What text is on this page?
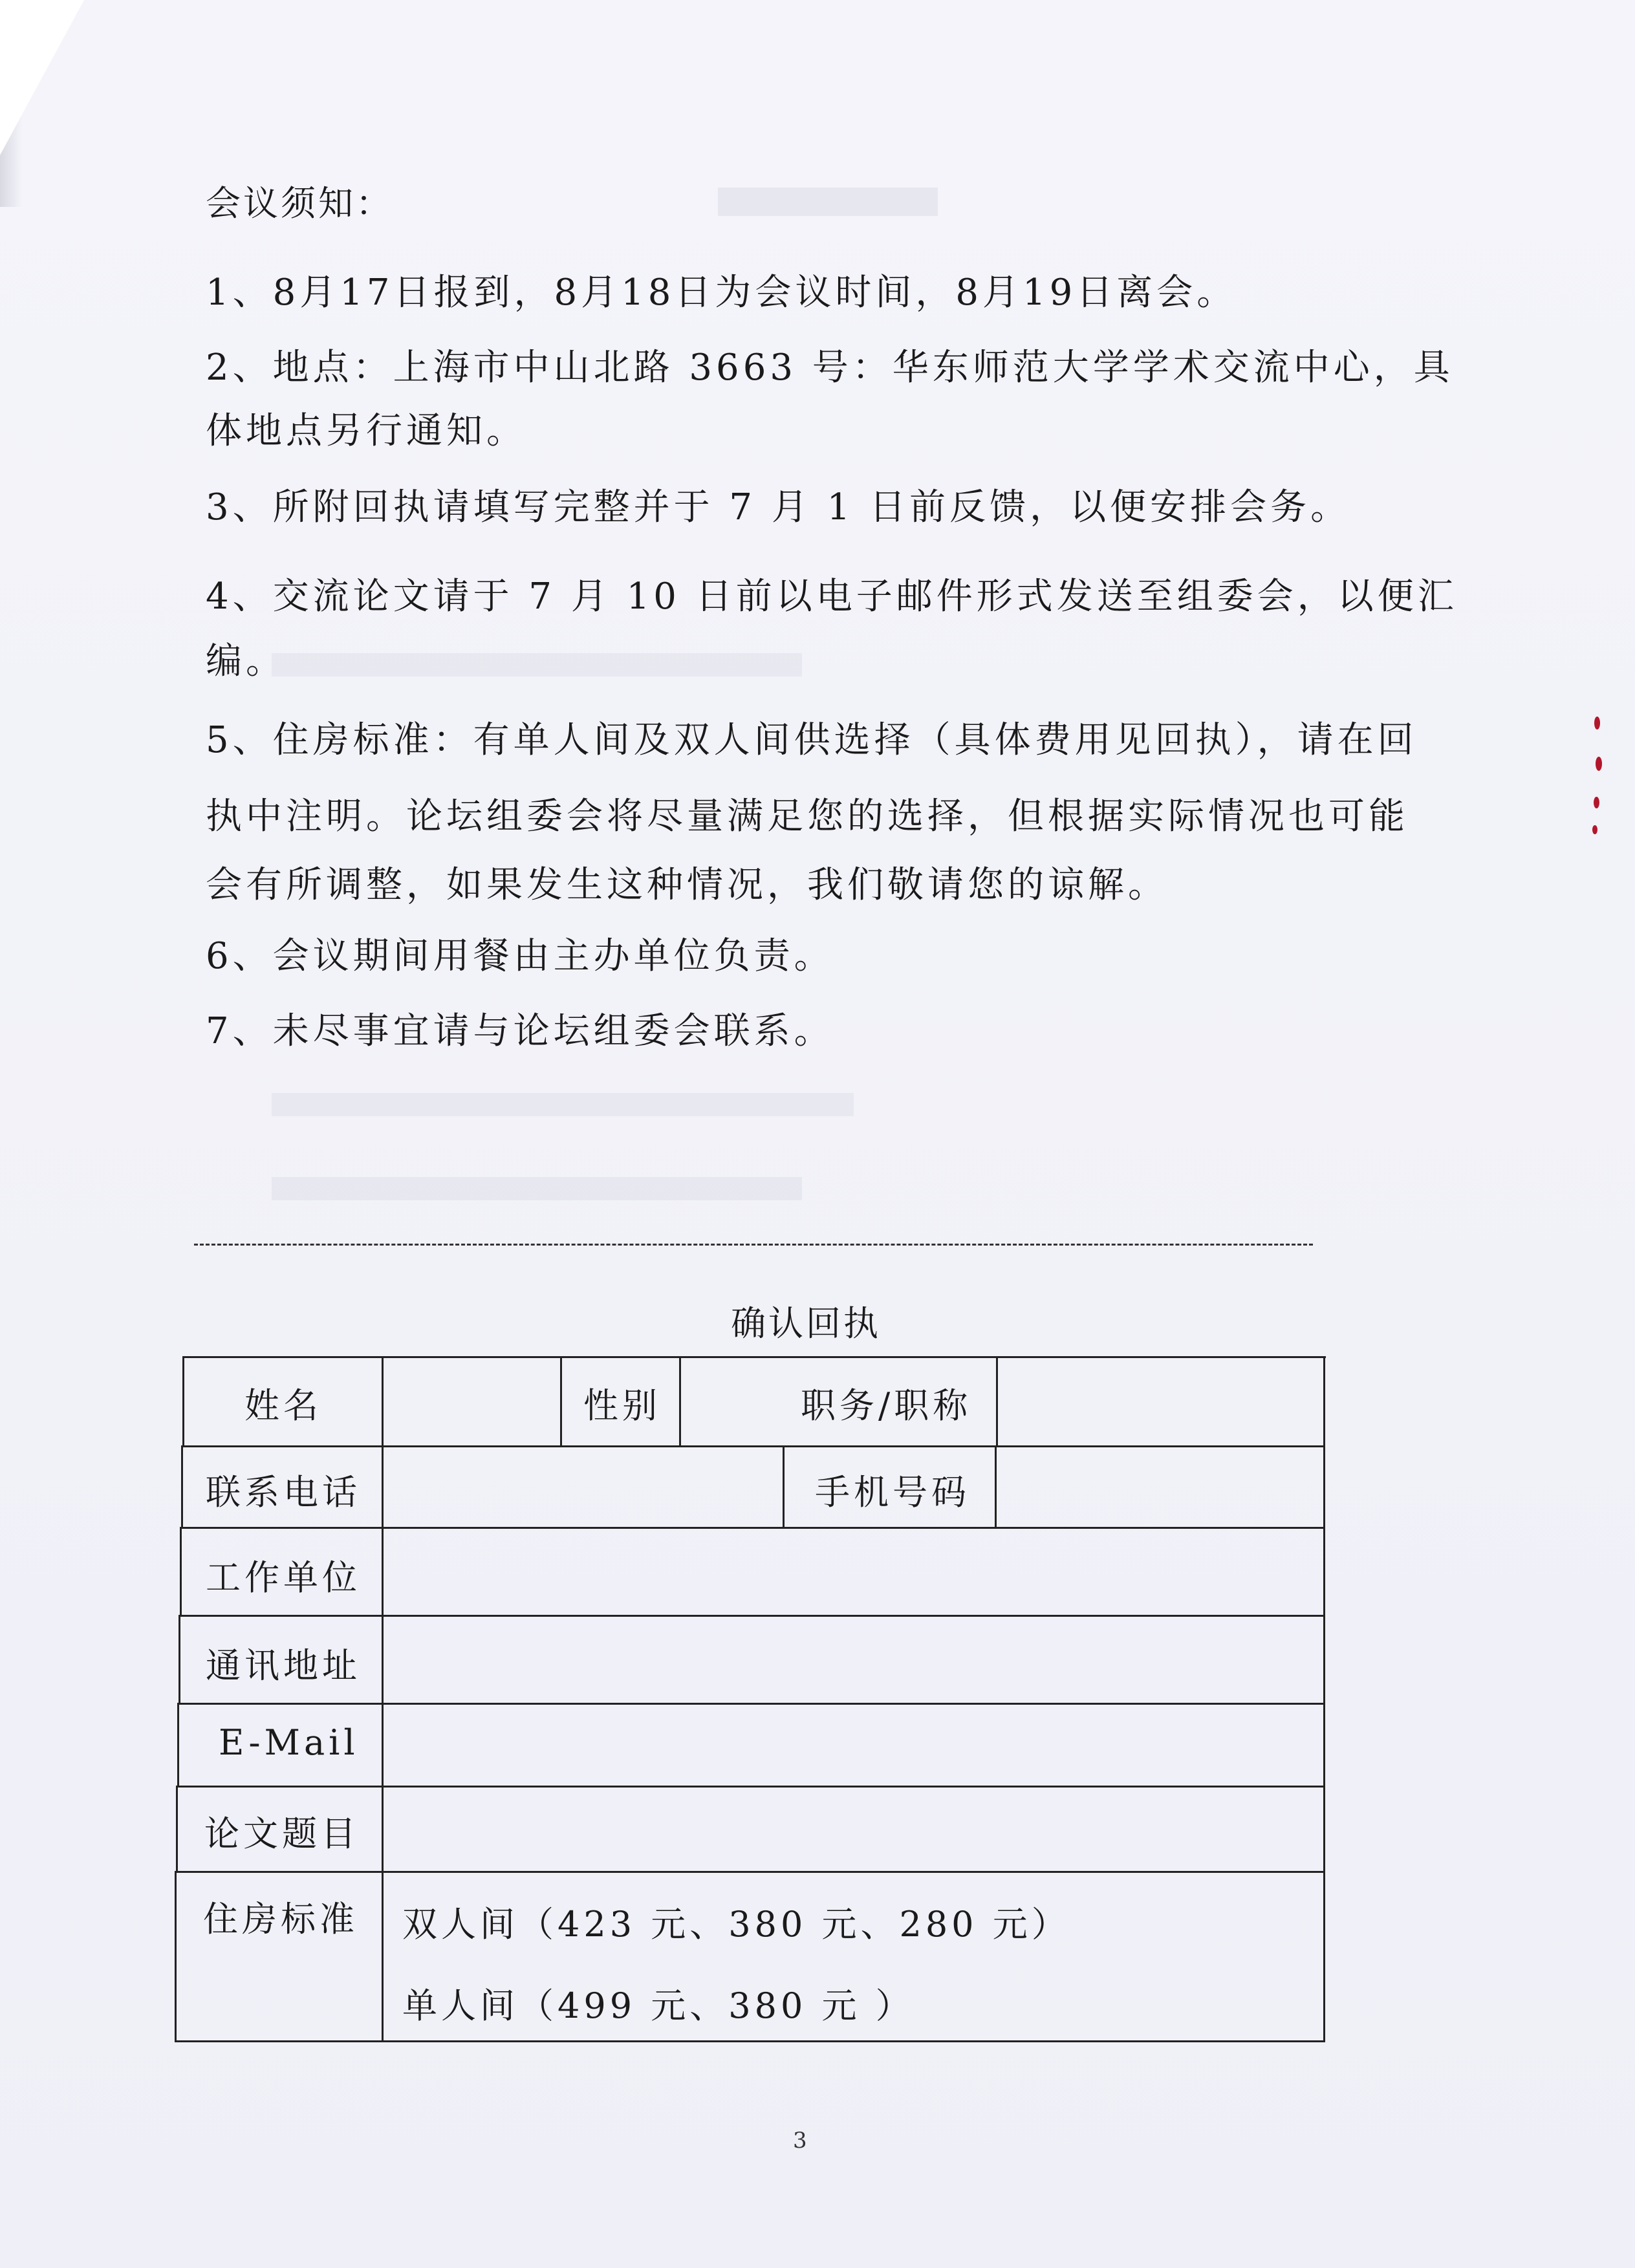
会议须知：
1、8月17日报到，8月18日为会议时间，8月19日离会。
2、地点：上海市中山北路 3663 号：华东师范大学学术交流中心，具
体地点另行通知。
3、所附回执请填写完整并于 7 月 1 日前反馈，以便安排会务。
4、交流论文请于 7 月 10 日前以电子邮件形式发送至组委会，以便汇
编。
5、住房标准：有单人间及双人间供选择（具体费用见回执），请在回
执中注明。论坛组委会将尽量满足您的选择，但根据实际情况也可能
会有所调整，如果发生这种情况，我们敬请您的谅解。
6、会议期间用餐由主办单位负责。
7、未尽事宜请与论坛组委会联系。
确认回执
姓名	性别	职务/职称
联系电话	手机号码
工作单位
通讯地址
E-Mail
论文题目
住房标准 双人间（423 元、380 元、280 元）
单人间（499 元、380 元 ）
3
